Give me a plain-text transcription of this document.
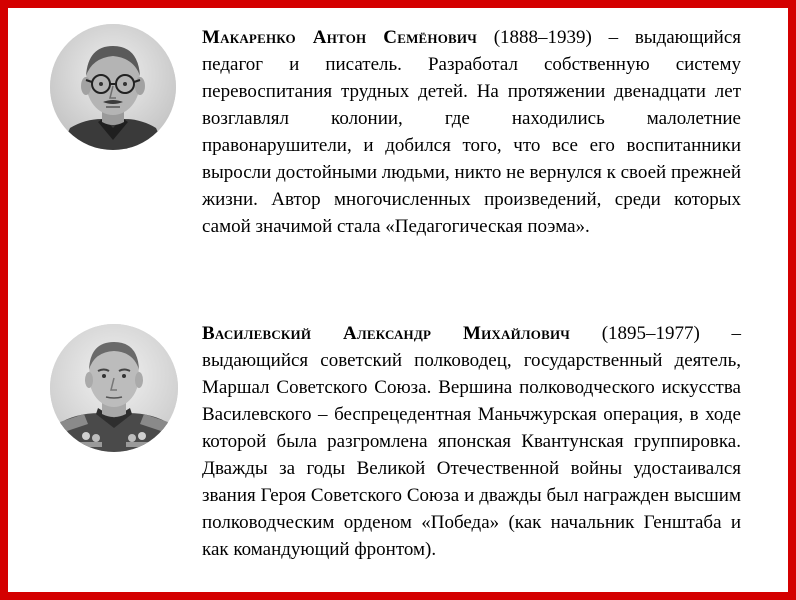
Макаренко Антон Семёнович (1888–1939) – выдающийся педагог и писатель. Разработал собственную систему перевоспитания трудных детей. На протяжении двенадцати лет возглавлял колонии, где находились малолетние правонарушители, и добился того, что все его воспитанники выросли достойными людьми, никто не вернулся к своей прежней жизни. Автор многочисленных произведений, среди которых самой значимой стала «Педагогическая поэма».

Василевский Александр Михайлович (1895–1977) – выдающийся советский полководец, государственный деятель, Маршал Советского Союза. Вершина полководческого искусства Василевского – беспрецедентная Маньчжурская операция, в ходе которой была разгромлена японская Квантунская группировка. Дважды за годы Великой Отечественной войны удостаивался звания Героя Советского Союза и дважды был награжден высшим полководческим орденом «Победа» (как начальник Генштаба и как командующий фронтом).
